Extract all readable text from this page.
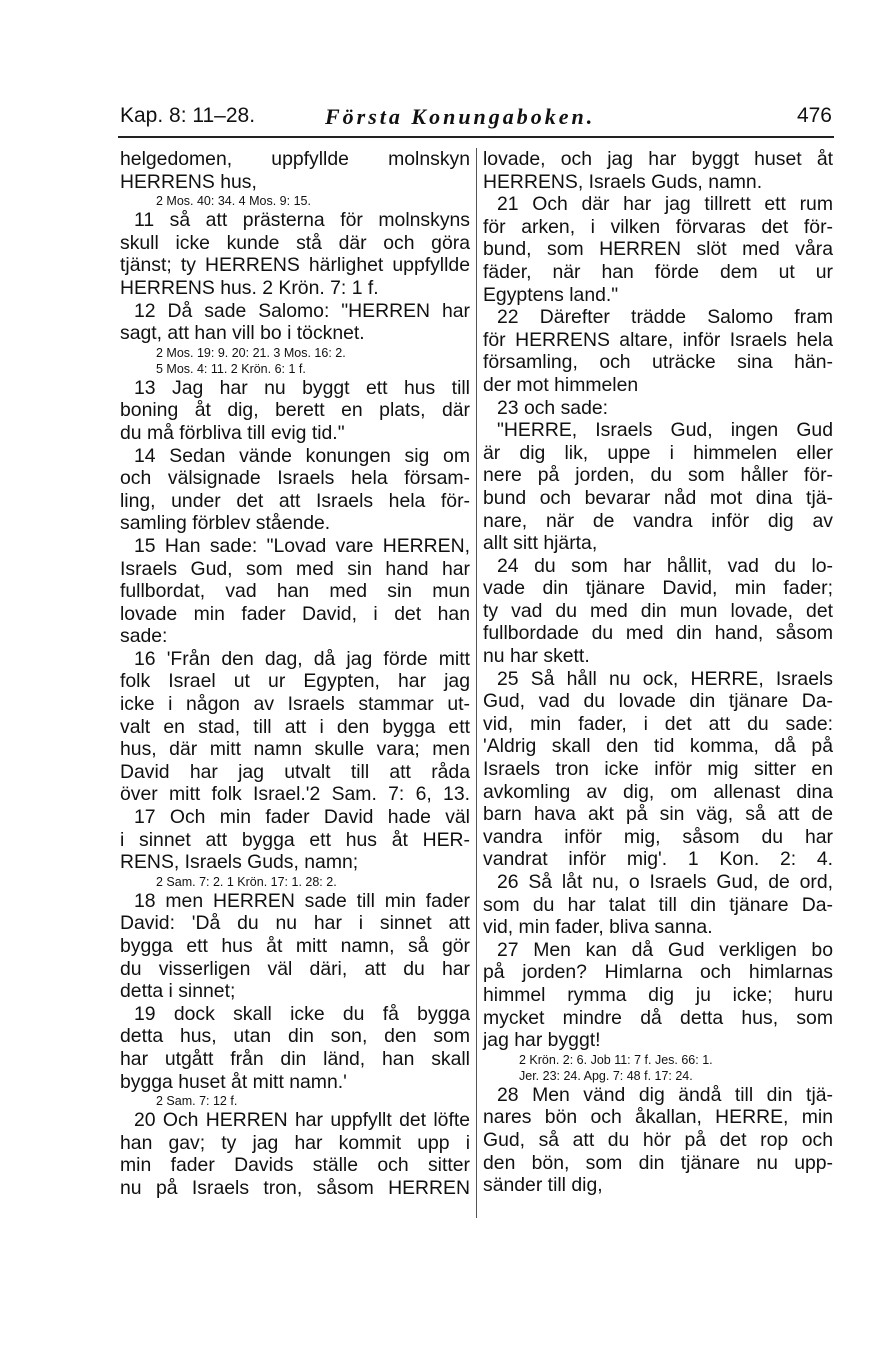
Kap. 8: 11–28.	Första Konungaboken.	476
helgedomen, uppfyllde molnskyn
HERRENS hus,
2 Mos. 40: 34. 4 Mos. 9: 15.
11 så att prästerna för molnskyns
skull icke kunde stå där och göra
tjänst; ty HERRENS härlighet uppfyllde
HERRENS hus. 2 Krön. 7: 1 f.
12 Då sade Salomo: "HERREN har
sagt, att han vill bo i töcknet.
2 Mos. 19: 9. 20: 21. 3 Mos. 16: 2.
5 Mos. 4: 11. 2 Krön. 6: 1 f.
13 Jag har nu byggt ett hus till
boning åt dig, berett en plats, där
du må förbliva till evig tid."
14 Sedan vände konungen sig om
och välsignade Israels hela försam-
ling, under det att Israels hela för-
samling förblev stående.
15 Han sade: "Lovad vare HERREN,
Israels Gud, som med sin hand har
fullbordat, vad han med sin mun
lovade min fader David, i det han
sade:
16 'Från den dag, då jag förde mitt
folk Israel ut ur Egypten, har jag
icke i någon av Israels stammar ut-
valt en stad, till att i den bygga ett
hus, där mitt namn skulle vara; men
David har jag utvalt till att råda
över mitt folk Israel.'2 Sam. 7: 6, 13.
17 Och min fader David hade väl
i sinnet att bygga ett hus åt HER-
RENS, Israels Guds, namn;
2 Sam. 7: 2. 1 Krön. 17: 1. 28: 2.
18 men HERREN sade till min fader
David: 'Då du nu har i sinnet att
bygga ett hus åt mitt namn, så gör
du visserligen väl däri, att du har
detta i sinnet;
19 dock skall icke du få bygga
detta hus, utan din son, den som
har utgått från din länd, han skall
bygga huset åt mitt namn.'
2 Sam. 7: 12 f.
20 Och HERREN har uppfyllt det löfte
han gav; ty jag har kommit upp i
min fader Davids ställe och sitter
nu på Israels tron, såsom HERREN
lovade, och jag har byggt huset åt
HERRENS, Israels Guds, namn.
21 Och där har jag tillrett ett rum
för arken, i vilken förvaras det för-
bund, som HERREN slöt med våra
fäder, när han förde dem ut ur
Egyptens land."
22 Därefter trädde Salomo fram
för HERRENS altare, inför Israels hela
församling, och uträcke sina hän-
der mot himmelen
23 och sade:
"HERRE, Israels Gud, ingen Gud
är dig lik, uppe i himmelen eller
nere på jorden, du som håller för-
bund och bevarar nåd mot dina tjä-
nare, när de vandra inför dig av
allt sitt hjärta,
24 du som har hållit, vad du lo-
vade din tjänare David, min fader;
ty vad du med din mun lovade, det
fullbordade du med din hand, såsom
nu har skett.
25 Så håll nu ock, HERRE, Israels
Gud, vad du lovade din tjänare Da-
vid, min fader, i det att du sade:
'Aldrig skall den tid komma, då på
Israels tron icke inför mig sitter en
avkomling av dig, om allenast dina
barn hava akt på sin väg, så att de
vandra inför mig, såsom du har
vandrat inför mig'. 1 Kon. 2: 4.
26 Så låt nu, o Israels Gud, de ord,
som du har talat till din tjänare Da-
vid, min fader, bliva sanna.
27 Men kan då Gud verkligen bo
på jorden? Himlarna och himlarnas
himmel rymma dig ju icke; huru
mycket mindre då detta hus, som
jag har byggt!
2 Krön. 2: 6. Job 11: 7 f. Jes. 66: 1.
Jer. 23: 24. Apg. 7: 48 f. 17: 24.
28 Men vänd dig ändå till din tjä-
nares bön och åkallan, HERRE, min
Gud, så att du hör på det rop och
den bön, som din tjänare nu upp-
sänder till dig,
